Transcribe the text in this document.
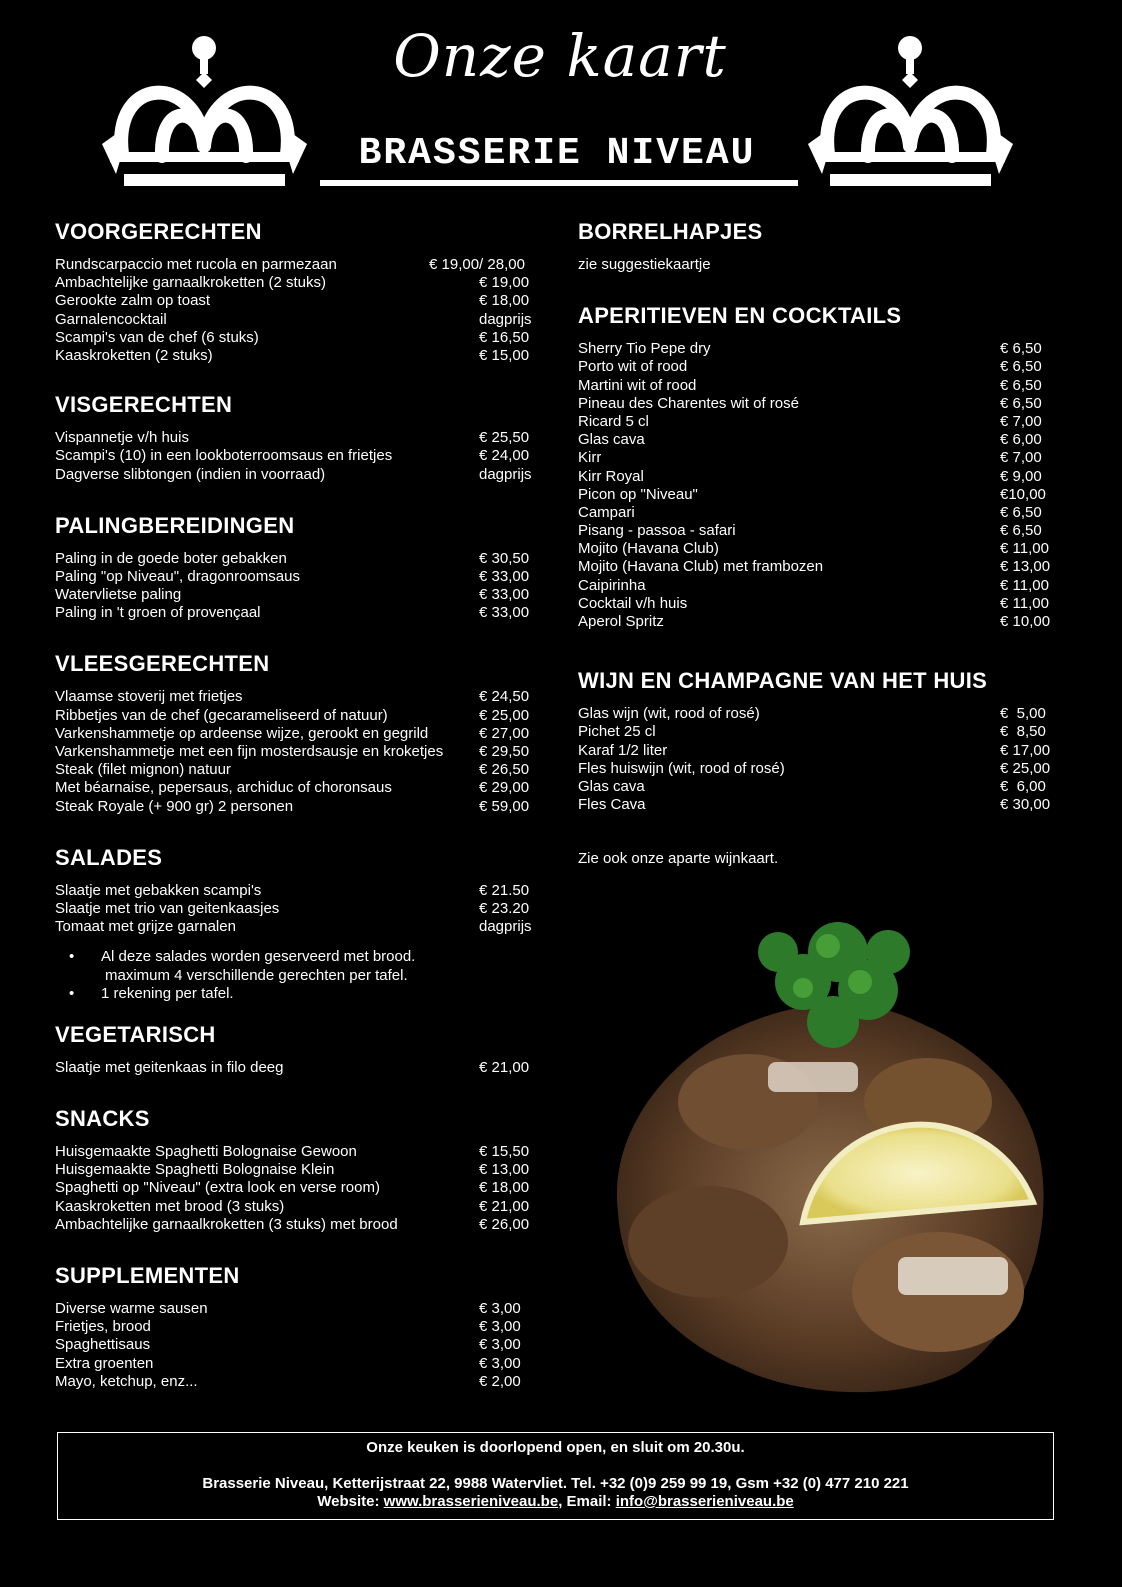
Onze kaart
BRASSERIE NIVEAU
VOORGERECHTEN
Rundscarpaccio met rucola en parmezaan	€ 19,00/ 28,00
Ambachtelijke garnaalkroketten (2 stuks)	€ 19,00
Gerookte zalm op toast	€ 18,00
Garnalencocktail	dagprijs
Scampi's van de chef (6 stuks)	€ 16,50
Kaaskroketten (2 stuks)	€ 15,00
VISGERECHTEN
Vispannetje v/h huis	€ 25,50
Scampi's (10) in een lookboterroomsaus en frietjes	€ 24,00
Dagverse slibtongen (indien in voorraad)	dagprijs
PALINGBEREIDINGEN
Paling in de goede boter gebakken	€ 30,50
Paling "op Niveau", dragonroomsaus	€ 33,00
Watervlietse paling	€ 33,00
Paling in 't groen of provençaal	€ 33,00
VLEESGERECHTEN
Vlaamse stoverij met frietjes	€ 24,50
Ribbetjes van de chef (gecarameliseerd of natuur)	€ 25,00
Varkenshammetje op ardeense wijze, gerookt en gegrild	€ 27,00
Varkenshammetje met een fijn mosterdsausje en kroketjes € 29,50
Steak (filet mignon) natuur	€ 26,50
Met béarnaise, pepersaus, archiduc of choronsaus	€ 29,00
Steak Royale (+ 900 gr) 2 personen	€ 59,00
SALADES
Slaatje met gebakken scampi's	€ 21.50
Slaatje met trio van geitenkaasjes	€ 23.20
Tomaat met grijze garnalen	dagprijs
• Al deze salades worden geserveerd met brood.
maximum 4 verschillende gerechten per tafel.
• 1 rekening per tafel.
VEGETARISCH
Slaatje met geitenkaas in filo deeg	€ 21,00
SNACKS
Huisgemaakte Spaghetti Bolognaise Gewoon	€ 15,50
Huisgemaakte Spaghetti Bolognaise Klein	€ 13,00
Spaghetti op "Niveau" (extra look en verse room)	€ 18,00
Kaaskroketten met brood (3 stuks)	€ 21,00
Ambachtelijke garnaalkroketten (3 stuks) met brood	€ 26,00
SUPPLEMENTEN
Diverse warme sausen	€ 3,00
Frietjes, brood	€ 3,00
Spaghettisaus	€ 3,00
Extra groenten	€ 3,00
Mayo, ketchup, enz...	€ 2,00
BORRELHAPJES
zie suggestiekaartje
APERITIEVEN EN COCKTAILS
Sherry Tio Pepe dry	€ 6,50
Porto wit of rood	€ 6,50
Martini wit of rood	€ 6,50
Pineau des Charentes wit of rosé	€ 6,50
Ricard 5 cl	€ 7,00
Glas cava	€ 6,00
Kirr	€ 7,00
Kirr Royal	€ 9,00
Picon op "Niveau"	€10,00
Campari	€ 6,50
Pisang - passoa - safari	€ 6,50
Mojito (Havana Club)	€ 11,00
Mojito (Havana Club) met frambozen	€ 13,00
Caipirinha	€ 11,00
Cocktail v/h huis	€ 11,00
Aperol Spritz	€ 10,00
WIJN EN CHAMPAGNE VAN HET HUIS
Glas wijn (wit, rood of rosé)	€  5,00
Pichet 25 cl	€  8,50
Karaf 1/2 liter	€ 17,00
Fles huiswijn (wit, rood of rosé)	€ 25,00
Glas cava	€  6,00
Fles Cava	€ 30,00
Zie ook onze aparte wijnkaart.
Onze keuken is doorlopend open, en sluit om 20.30u.
Brasserie Niveau, Ketterijstraat 22, 9988 Watervliet. Tel. +32 (0)9 259 99 19, Gsm +32 (0) 477 210 221
Website: www.brasserieniveau.be, Email: info@brasserieniveau.be
